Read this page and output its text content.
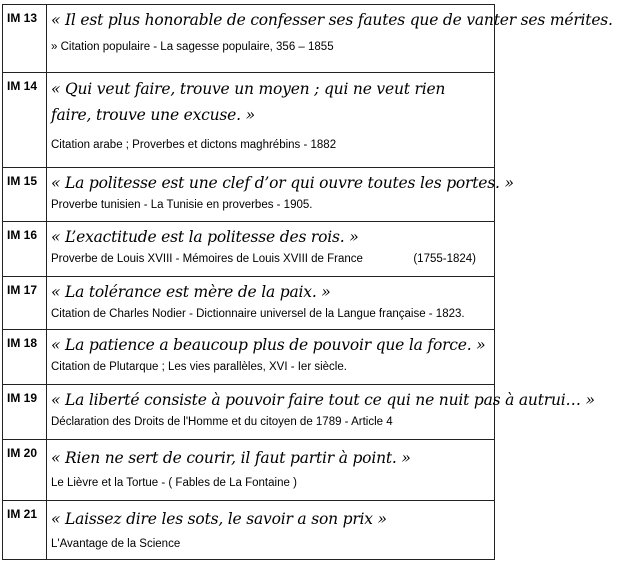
IM 13 « Il est plus honorable de confesser ses fautes que de vanter ses mérites.
» Citation populaire - La sagesse populaire, 356 – 1855
IM 14 « Qui veut faire, trouve un moyen ; qui ne veut rien faire, trouve une excuse. »
Citation arabe ; Proverbes et dictons maghrébins - 1882
IM 15 « La politesse est une clef d’or qui ouvre toutes les portes. »
Proverbe tunisien - La Tunisie en proverbes - 1905.
IM 16 « L’exactitude est la politesse des rois. »
Proverbe de Louis XVIII - Mémoires de Louis XVIII de France	(1755-1824)
IM 17 « La tolérance est mère de la paix. »
Citation de Charles Nodier - Dictionnaire universel de la Langue française - 1823.
IM 18 « La patience a beaucoup plus de pouvoir que la force. »
Citation de Plutarque ; Les vies parallèles, XVI - Ier siècle.
IM 19 « La liberté consiste à pouvoir faire tout ce qui ne nuit pas à autrui… »
Déclaration des Droits de l'Homme et du citoyen de 1789 - Article 4
IM 20 « Rien ne sert de courir, il faut partir à point. »
Le Lièvre et la Tortue - ( Fables de La Fontaine )
IM 21 « Laissez dire les sots, le savoir a son prix »
L'Avantage de la Science
